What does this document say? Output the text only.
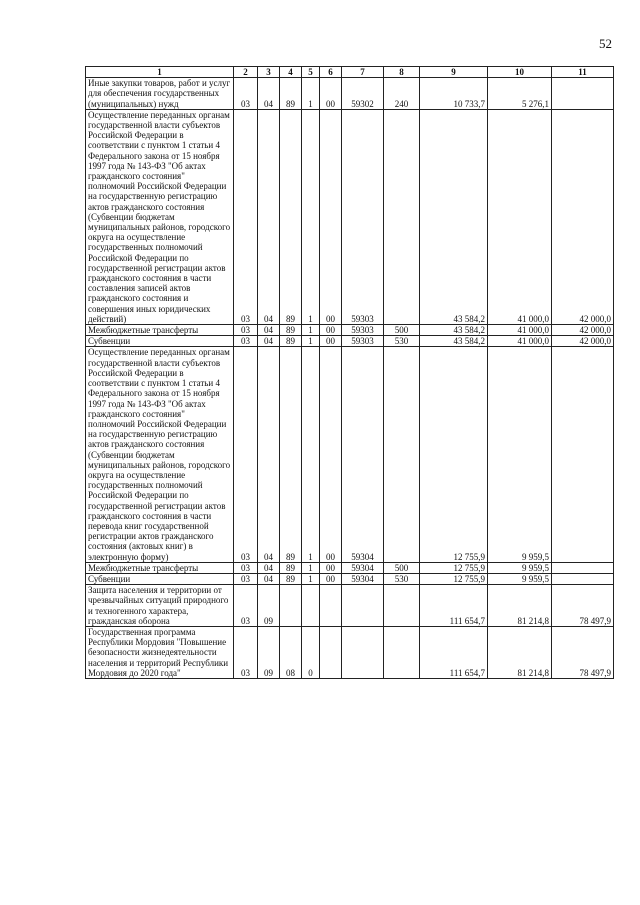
52
1	2	3	4	5	6	7	8	9	10	11
Иные закупки товаров, работ и услуг для обеспечения государственных (муниципальных) нужд	03	04	89	1	00	59302	240	10 733,7	5 276,1	
Осуществление переданных органам государственной власти субъектов Российской Федерации в соответствии с пунктом 1 статьи 4 Федерального закона от 15 ноября 1997 года № 143-ФЗ "Об актах гражданского состояния" полномочий Российской Федерации на государственную регистрацию актов гражданского состояния (Субвенции бюджетам муниципальных районов, городского округа на осуществление государственных полномочий Российской Федерации по государственной регистрации актов гражданского состояния в части составления записей актов гражданского состояния и совершения иных юридических действий)	03	04	89	1	00	59303		43 584,2	41 000,0	42 000,0
Межбюджетные трансферты	03	04	89	1	00	59303	500	43 584,2	41 000,0	42 000,0
Субвенции	03	04	89	1	00	59303	530	43 584,2	41 000,0	42 000,0
Осуществление переданных органам государственной власти субъектов Российской Федерации в соответствии с пунктом 1 статьи 4 Федерального закона от 15 ноября 1997 года № 143-ФЗ "Об актах гражданского состояния" полномочий Российской Федерации на государственную регистрацию актов гражданского состояния (Субвенции бюджетам муниципальных районов, городского округа на осуществление государственных полномочий Российской Федерации по государственной регистрации актов гражданского состояния в части перевода книг государственной регистрации актов гражданского состояния (актовых книг) в электронную форму)	03	04	89	1	00	59304		12 755,9	9 959,5	
Межбюджетные трансферты	03	04	89	1	00	59304	500	12 755,9	9 959,5	
Субвенции	03	04	89	1	00	59304	530	12 755,9	9 959,5	
Защита населения и территории от чрезвычайных ситуаций природного и техногенного характера, гражданская оборона	03	09						111 654,7	81 214,8	78 497,9
Государственная программа Республики Мордовия "Повышение безопасности жизнедеятельности населения и территорий Республики Мордовия до 2020 года"	03	09	08	0				111 654,7	81 214,8	78 497,9
